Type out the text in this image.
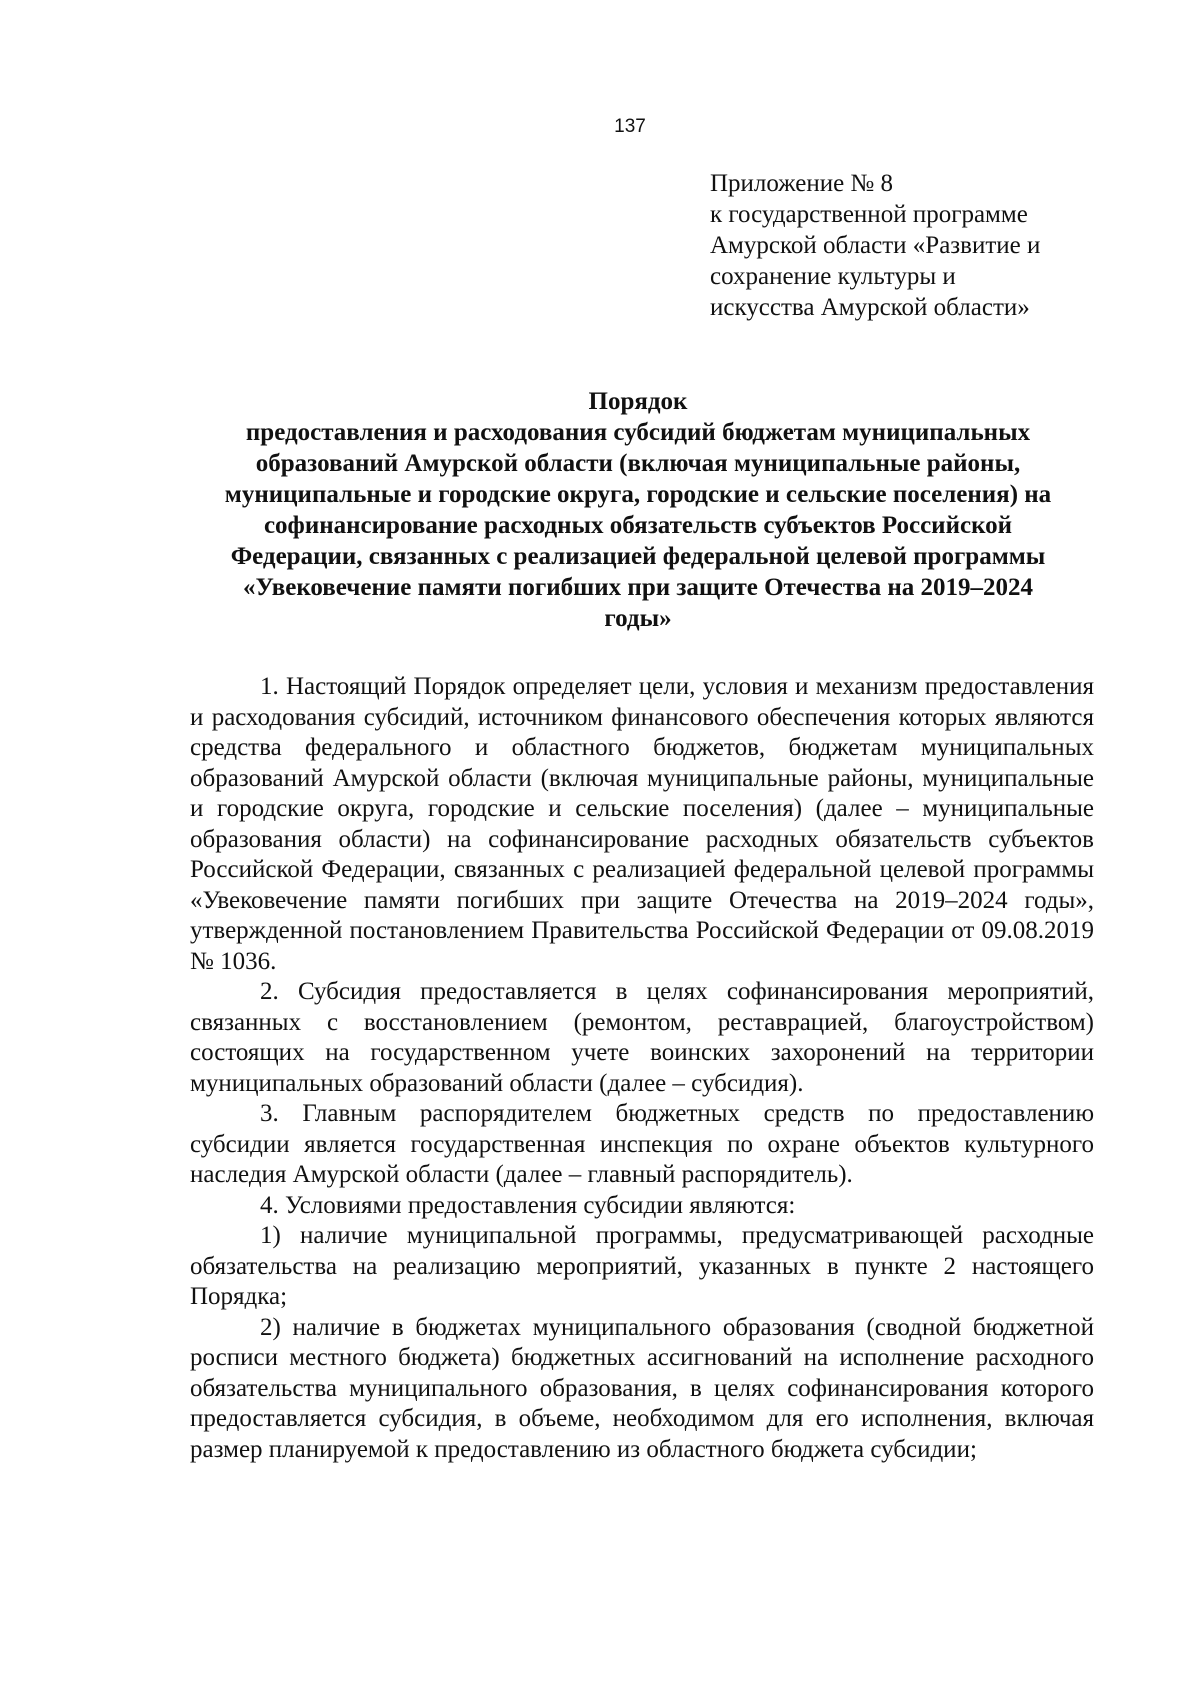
137
Приложение № 8
к государственной программе
Амурской области «Развитие и
сохранение культуры и
искусства Амурской области»
Порядок
предоставления и расходования субсидий бюджетам муниципальных
образований Амурской области (включая муниципальные районы,
муниципальные и городские округа, городские и сельские поселения) на
софинансирование расходных обязательств субъектов Российской
Федерации, связанных с реализацией федеральной целевой программы
«Увековечение памяти погибших при защите Отечества на 2019–2024
годы»

1. Настоящий Порядок определяет цели, условия и механизм предоставления и расходования субсидий, источником финансового обеспечения которых являются средства федерального и областного бюджетов, бюджетам муниципальных образований Амурской области (включая муниципальные районы, муниципальные и городские округа, городские и сельские поселения) (далее – муниципальные образования области) на софинансирование расходных обязательств субъектов Российской Федерации, связанных с реализацией федеральной целевой программы «Увековечение памяти погибших при защите Отечества на 2019–2024 годы», утвержденной постановлением Правительства Российской Федерации от 09.08.2019 № 1036.

2. Субсидия предоставляется в целях софинансирования мероприятий, связанных с восстановлением (ремонтом, реставрацией, благоустройством) состоящих на государственном учете воинских захоронений на территории муниципальных образований области (далее – субсидия).

3. Главным распорядителем бюджетных средств по предоставлению субсидии является государственная инспекция по охране объектов культурного наследия Амурской области (далее – главный распорядитель).

4. Условиями предоставления субсидии являются:

1) наличие муниципальной программы, предусматривающей расходные обязательства на реализацию мероприятий, указанных в пункте 2 настоящего Порядка;

2) наличие в бюджетах муниципального образования (сводной бюджетной росписи местного бюджета) бюджетных ассигнований на исполнение расходного обязательства муниципального образования, в целях софинансирования которого предоставляется субсидия, в объеме, необходимом для его исполнения, включая размер планируемой к предоставлению из областного бюджета субсидии;
